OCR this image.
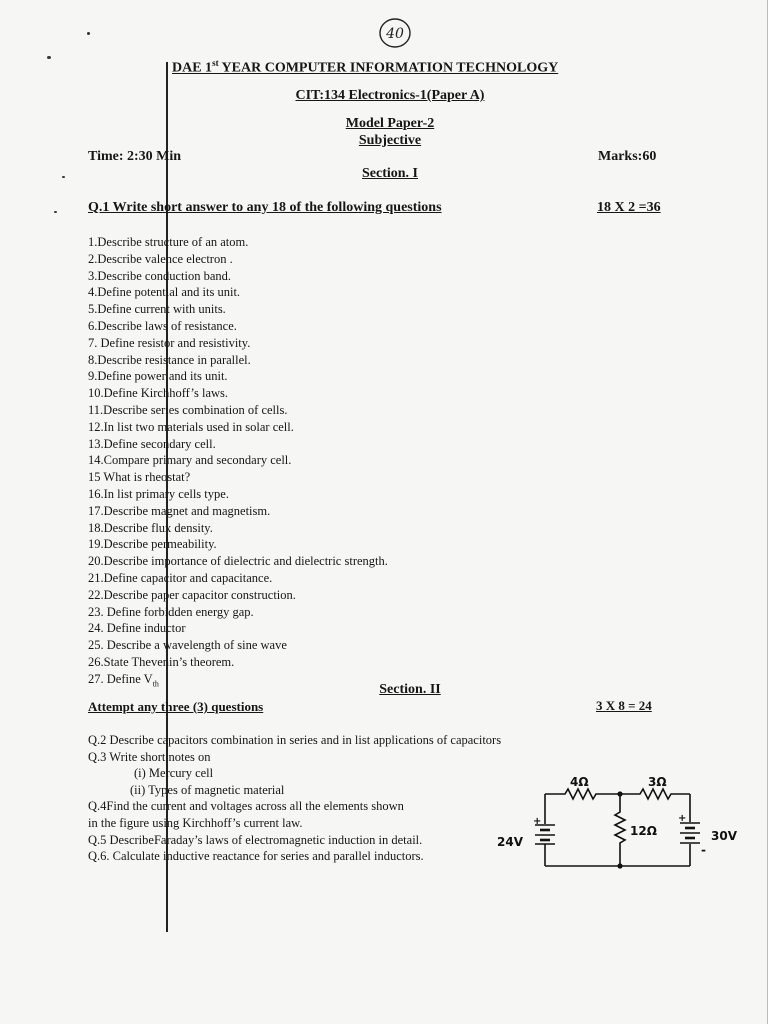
40
DAE 1st YEAR COMPUTER INFORMATION TECHNOLOGY
CIT:134 Electronics-1(Paper A)
Model Paper-2
Subjective
Time: 2:30 Min	Marks:60
Section. I
Q.1 Write short answer to any 18 of the following questions	18 X 2 =36
1.Describe structure of an atom.
2.Describe valence electron .
3.Describe conduction band.
4.Define potential and its unit.
5.Define current with units.
6.Describe laws of resistance.
7. Define resistor and resistivity.
8.Describe resistance in parallel.
9.Define power and its unit.
10.Define Kirchhoff’s laws.
11.Describe series combination of cells.
12.In list two materials used in solar cell.
13.Define secondary cell.
14.Compare primary and secondary cell.
15 What is rheostat?
16.In list primary cells type.
17.Describe magnet and magnetism.
18.Describe flux density.
19.Describe permeability.
20.Describe importance of dielectric and dielectric strength.
21.Define capacitor and capacitance.
22.Describe paper capacitor construction.
23. Define forbidden energy gap.
24. Define inductor
25. Describe a wavelength of sine wave
26.State Thevenin’s theorem.
27. Define $V_{th}$	Section. II
Attempt any three (3) questions	3 X 8 = 24
Q.2 Describe capacitors combination in series and in list applications of capacitors
Q.3 Write short notes on
(i) Mercury cell
(ii) Types of magnetic material
Q.4Find the current and voltages across all the elements shown
in the figure using Kirchhoff’s current law.
Q.5 DescribeFaraday’s laws of electromagnetic induction in detail.
Q.6. Calculate inductive reactance for series and parallel inductors.
+	+
-
4Ω	3Ω
12Ω
24V	30V
